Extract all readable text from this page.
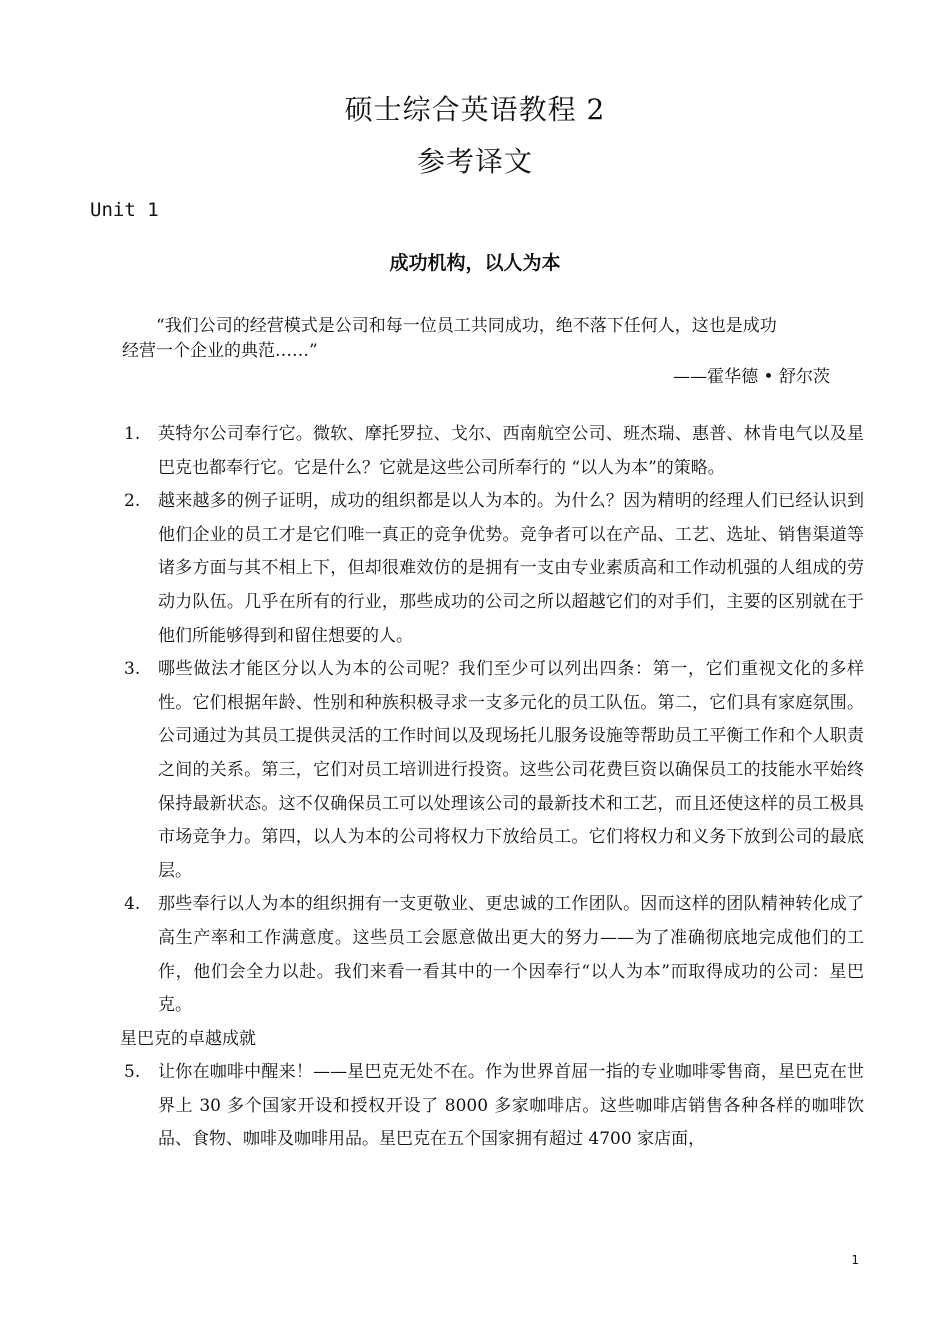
硕士综合英语教程 2
参考译文
Unit 1
成功机构，以人为本
“我们公司的经营模式是公司和每一位员工共同成功，绝不落下任何人，这也是成功
经营一个企业的典范……”
——霍华德 • 舒尔茨
1. 英特尔公司奉行它。微软、摩托罗拉、戈尔、西南航空公司、班杰瑞、惠普、林肯电气以及星巴克也都奉行它。它是什么？它就是这些公司所奉行的 “以人为本”的策略。
2. 越来越多的例子证明，成功的组织都是以人为本的。为什么？因为精明的经理人们已经认识到他们企业的员工才是它们唯一真正的竞争优势。竞争者可以在产品、工艺、选址、销售渠道等诸多方面与其不相上下，但却很难效仿的是拥有一支由专业素质高和工作动机强的人组成的劳动力队伍。几乎在所有的行业，那些成功的公司之所以超越它们的对手们，主要的区别就在于他们所能够得到和留住想要的人。
3. 哪些做法才能区分以人为本的公司呢？我们至少可以列出四条：第一，它们重视文化的多样性。它们根据年龄、性别和种族积极寻求一支多元化的员工队伍。第二，它们具有家庭氛围。公司通过为其员工提供灵活的工作时间以及现场托儿服务设施等帮助员工平衡工作和个人职责之间的关系。第三，它们对员工培训进行投资。这些公司花费巨资以确保员工的技能水平始终保持最新状态。这不仅确保员工可以处理该公司的最新技术和工艺，而且还使这样的员工极具市场竞争力。第四，以人为本的公司将权力下放给员工。它们将权力和义务下放到公司的最底层。
4. 那些奉行以人为本的组织拥有一支更敬业、更忠诚的工作团队。因而这样的团队精神转化成了高生产率和工作满意度。这些员工会愿意做出更大的努力——为了准确彻底地完成他们的工作，他们会全力以赴。我们来看一看其中的一个因奉行“以人为本”而取得成功的公司：星巴克。
星巴克的卓越成就
5. 让你在咖啡中醒来！——星巴克无处不在。作为世界首屈一指的专业咖啡零售商，星巴克在世界上 30 多个国家开设和授权开设了 8000 多家咖啡店。这些咖啡店销售各种各样的咖啡饮品、食物、咖啡及咖啡用品。星巴克在五个国家拥有超过 4700 家店面，
1
